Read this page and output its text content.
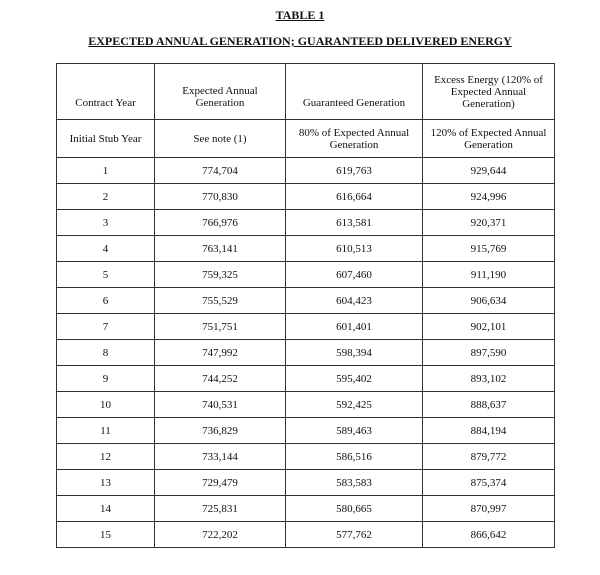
TABLE 1
EXPECTED ANNUAL GENERATION; GUARANTEED DELIVERED ENERGY
Contract Year	Expected Annual Generation	Guaranteed Generation	Excess Energy (120% of Expected Annual Generation)
Initial Stub Year	See note (1)	80% of Expected Annual Generation	120% of Expected Annual Generation
1	774,704	619,763	929,644
2	770,830	616,664	924,996
3	766,976	613,581	920,371
4	763,141	610,513	915,769
5	759,325	607,460	911,190
6	755,529	604,423	906,634
7	751,751	601,401	902,101
8	747,992	598,394	897,590
9	744,252	595,402	893,102
10	740,531	592,425	888,637
11	736,829	589,463	884,194
12	733,144	586,516	879,772
13	729,479	583,583	875,374
14	725,831	580,665	870,997
15	722,202	577,762	866,642
